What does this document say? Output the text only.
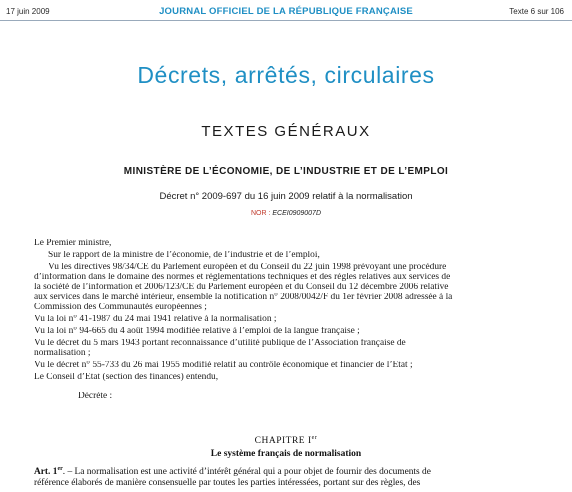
17 juin 2009	JOURNAL OFFICIEL DE LA RÉPUBLIQUE FRANÇAISE	Texte 6 sur 106
Décrets, arrêtés, circulaires
TEXTES GÉNÉRAUX
MINISTÈRE DE L’ÉCONOMIE, DE L’INDUSTRIE ET DE L’EMPLOI
Décret n° 2009-697 du 16 juin 2009 relatif à la normalisation
NOR : ECEI0909007D
Le Premier ministre,
Sur le rapport de la ministre de l’économie, de l’industrie et de l’emploi,
Vu les directives 98/34/CE du Parlement européen et du Conseil du 22 juin 1998 prévoyant une procédure
d’information dans le domaine des normes et réglementations techniques et des règles relatives aux services de
la société de l’information et 2006/123/CE du Parlement européen et du Conseil du 12 décembre 2006 relative
aux services dans le marché intérieur, ensemble la notification n° 2008/0042/F du 1er février 2008 adressée à la
Commission des Communautés européennes ;
Vu la loi n° 41-1987 du 24 mai 1941 relative à la normalisation ;
Vu la loi n° 94-665 du 4 août 1994 modifiée relative à l’emploi de la langue française ;
Vu le décret du 5 mars 1943 portant reconnaissance d’utilité publique de l’Association française de
normalisation ;
Vu le décret n° 55-733 du 26 mai 1955 modifié relatif au contrôle économique et financier de l’Etat ;
Le Conseil d’Etat (section des finances) entendu,
Décrète :
CHAPITRE Ier
Le système français de normalisation
Art. 1er. – La normalisation est une activité d’intérêt général qui a pour objet de fournir des documents de
référence élaborés de manière consensuelle par toutes les parties intéressées, portant sur des règles, des
